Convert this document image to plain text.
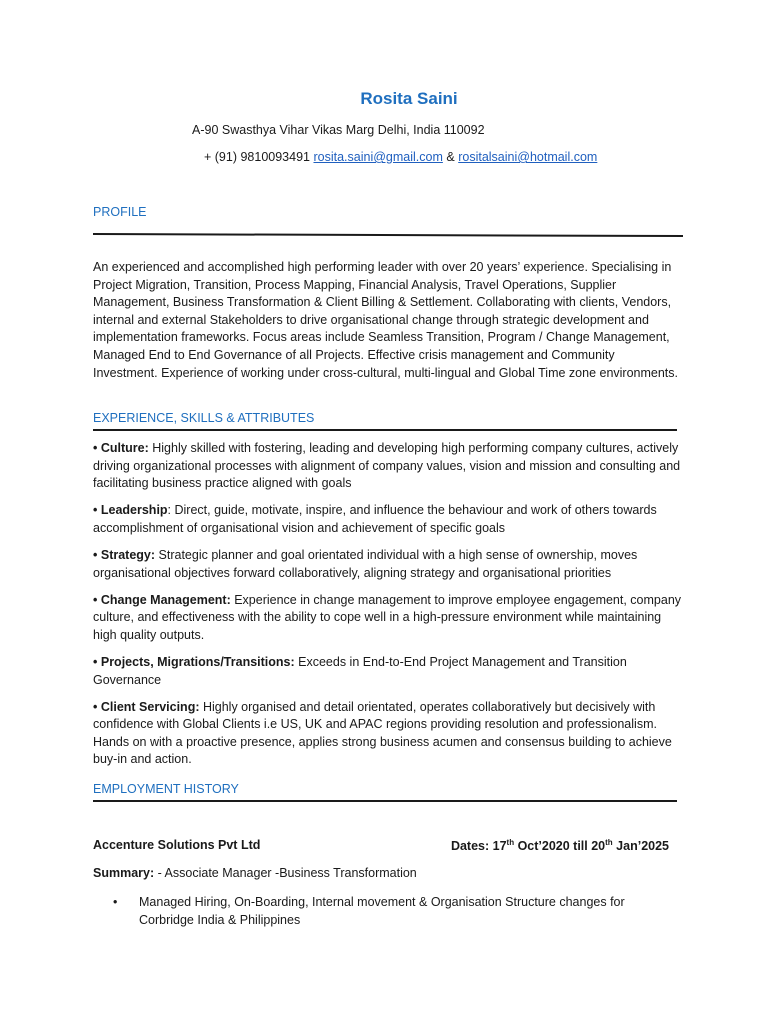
Rosita Saini
A-90 Swasthya Vihar Vikas Marg Delhi, India 110092
+ (91) 9810093491 rosita.saini@gmail.com & rositalsaini@hotmail.com
PROFILE
An experienced and accomplished high performing leader with over 20 years’ experience. Specialising in Project Migration, Transition, Process Mapping, Financial Analysis, Travel Operations, Supplier Management, Business Transformation & Client Billing & Settlement. Collaborating with clients, Vendors, internal and external Stakeholders to drive organisational change through strategic development and implementation frameworks. Focus areas include Seamless Transition, Program / Change Management, Managed End to End Governance of all Projects. Effective crisis management and Community Investment. Experience of working under cross-cultural, multi-lingual and Global Time zone environments.
EXPERIENCE, SKILLS & ATTRIBUTES

• Culture: Highly skilled with fostering, leading and developing high performing company cultures, actively driving organizational processes with alignment of company values, vision and mission and consulting and facilitating business practice aligned with goals

• Leadership: Direct, guide, motivate, inspire, and influence the behaviour and work of others towards accomplishment of organisational vision and achievement of specific goals

• Strategy: Strategic planner and goal orientated individual with a high sense of ownership, moves organisational objectives forward collaboratively, aligning strategy and organisational priorities

• Change Management: Experience in change management to improve employee engagement, company culture, and effectiveness with the ability to cope well in a high-pressure environment while maintaining high quality outputs.

• Projects, Migrations/Transitions: Exceeds in End-to-End Project Management and Transition Governance

• Client Servicing: Highly organised and detail orientated, operates collaboratively but decisively with confidence with Global Clients i.e US, UK and APAC regions providing resolution and professionalism. Hands on with a proactive presence, applies strong business acumen and consensus building to achieve buy-in and action.

EMPLOYMENT HISTORY
Accenture Solutions Pvt Ltd	Dates: 17th Oct’2020 till 20th Jan’2025
Summary: - Associate Manager -Business Transformation
• Managed Hiring, On-Boarding, Internal movement & Organisation Structure changes for Corbridge India & Philippines
